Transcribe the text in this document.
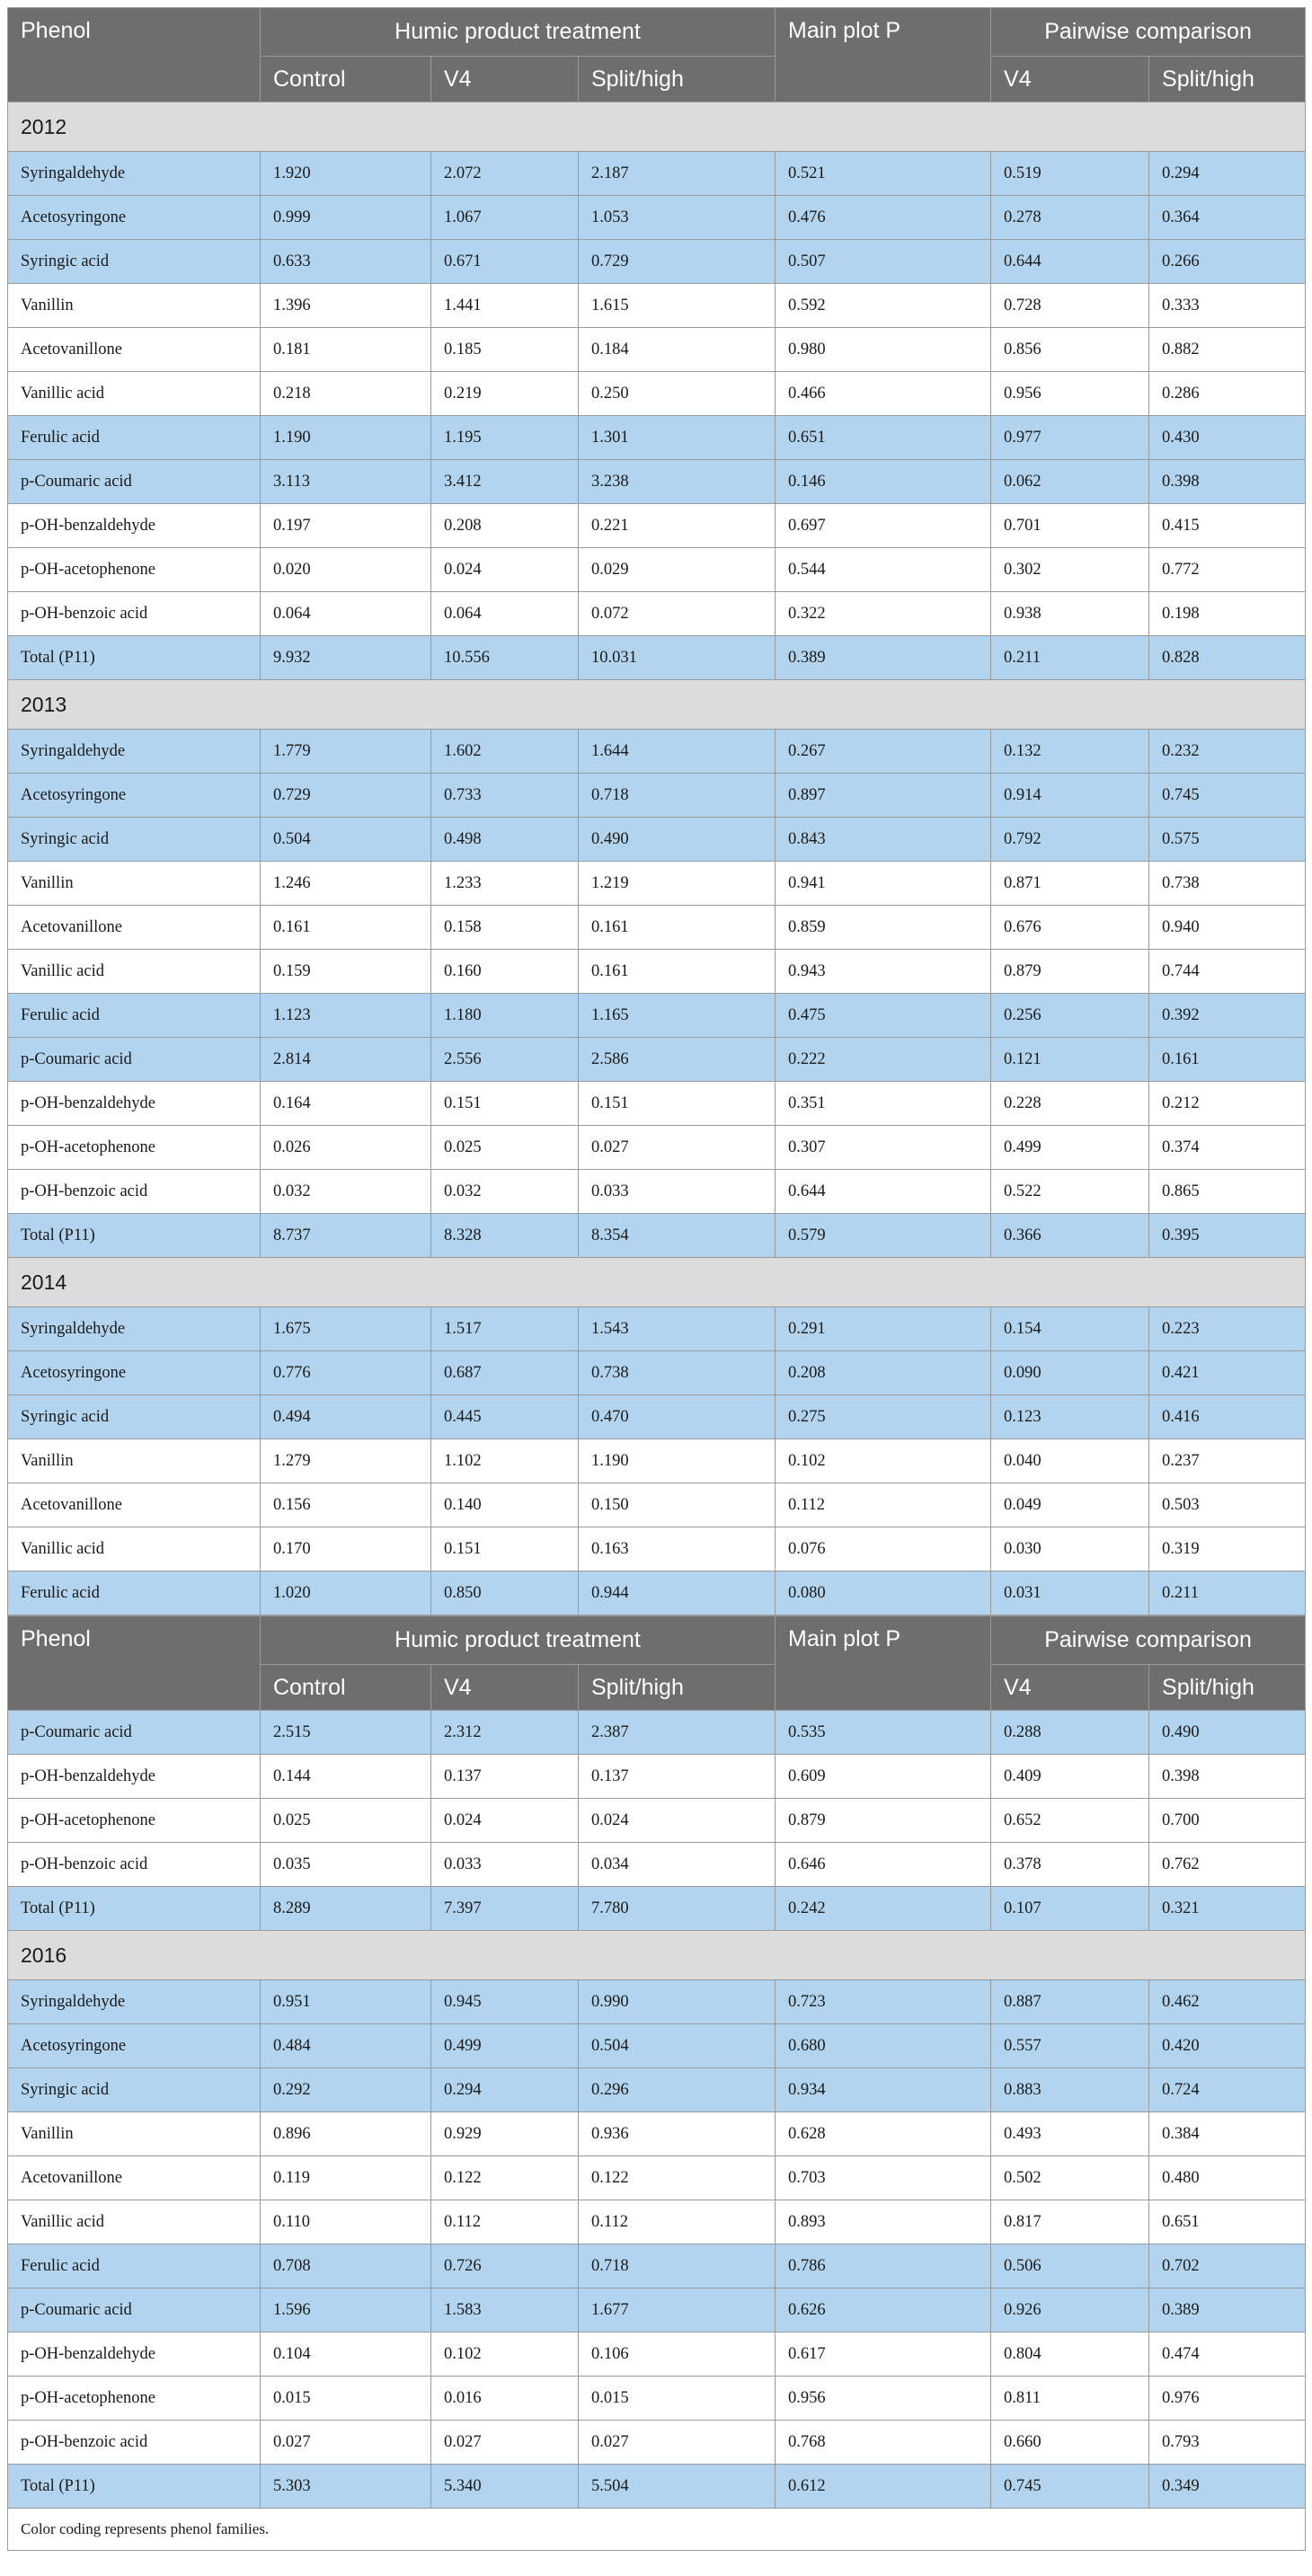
Phenol	Humic product treatment			Main plot P	Pairwise comparison	
	Control	V4	Split/high		V4	Split/high
2012						
Syringaldehyde	1.920	2.072	2.187	0.521	0.519	0.294
Acetosyringone	0.999	1.067	1.053	0.476	0.278	0.364
Syringic acid	0.633	0.671	0.729	0.507	0.644	0.266
Vanillin	1.396	1.441	1.615	0.592	0.728	0.333
Acetovanillone	0.181	0.185	0.184	0.980	0.856	0.882
Vanillic acid	0.218	0.219	0.250	0.466	0.956	0.286
Ferulic acid	1.190	1.195	1.301	0.651	0.977	0.430
p-Coumaric acid	3.113	3.412	3.238	0.146	0.062	0.398
p-OH-benzaldehyde	0.197	0.208	0.221	0.697	0.701	0.415
p-OH-acetophenone	0.020	0.024	0.029	0.544	0.302	0.772
p-OH-benzoic acid	0.064	0.064	0.072	0.322	0.938	0.198
Total (P11)	9.932	10.556	10.031	0.389	0.211	0.828
2013						
Syringaldehyde	1.779	1.602	1.644	0.267	0.132	0.232
Acetosyringone	0.729	0.733	0.718	0.897	0.914	0.745
Syringic acid	0.504	0.498	0.490	0.843	0.792	0.575
Vanillin	1.246	1.233	1.219	0.941	0.871	0.738
Acetovanillone	0.161	0.158	0.161	0.859	0.676	0.940
Vanillic acid	0.159	0.160	0.161	0.943	0.879	0.744
Ferulic acid	1.123	1.180	1.165	0.475	0.256	0.392
p-Coumaric acid	2.814	2.556	2.586	0.222	0.121	0.161
p-OH-benzaldehyde	0.164	0.151	0.151	0.351	0.228	0.212
p-OH-acetophenone	0.026	0.025	0.027	0.307	0.499	0.374
p-OH-benzoic acid	0.032	0.032	0.033	0.644	0.522	0.865
Total (P11)	8.737	8.328	8.354	0.579	0.366	0.395
2014						
Syringaldehyde	1.675	1.517	1.543	0.291	0.154	0.223
Acetosyringone	0.776	0.687	0.738	0.208	0.090	0.421
Syringic acid	0.494	0.445	0.470	0.275	0.123	0.416
Vanillin	1.279	1.102	1.190	0.102	0.040	0.237
Acetovanillone	0.156	0.140	0.150	0.112	0.049	0.503
Vanillic acid	0.170	0.151	0.163	0.076	0.030	0.319
Ferulic acid	1.020	0.850	0.944	0.080	0.031	0.211
Phenol	Humic product treatment			Main plot P	Pairwise comparison	
	Control	V4	Split/high		V4	Split/high
p-Coumaric acid	2.515	2.312	2.387	0.535	0.288	0.490
p-OH-benzaldehyde	0.144	0.137	0.137	0.609	0.409	0.398
p-OH-acetophenone	0.025	0.024	0.024	0.879	0.652	0.700
p-OH-benzoic acid	0.035	0.033	0.034	0.646	0.378	0.762
Total (P11)	8.289	7.397	7.780	0.242	0.107	0.321
2016						
Syringaldehyde	0.951	0.945	0.990	0.723	0.887	0.462
Acetosyringone	0.484	0.499	0.504	0.680	0.557	0.420
Syringic acid	0.292	0.294	0.296	0.934	0.883	0.724
Vanillin	0.896	0.929	0.936	0.628	0.493	0.384
Acetovanillone	0.119	0.122	0.122	0.703	0.502	0.480
Vanillic acid	0.110	0.112	0.112	0.893	0.817	0.651
Ferulic acid	0.708	0.726	0.718	0.786	0.506	0.702
p-Coumaric acid	1.596	1.583	1.677	0.626	0.926	0.389
p-OH-benzaldehyde	0.104	0.102	0.106	0.617	0.804	0.474
p-OH-acetophenone	0.015	0.016	0.015	0.956	0.811	0.976
p-OH-benzoic acid	0.027	0.027	0.027	0.768	0.660	0.793
Total (P11)	5.303	5.340	5.504	0.612	0.745	0.349
Color coding represents phenol families.						
